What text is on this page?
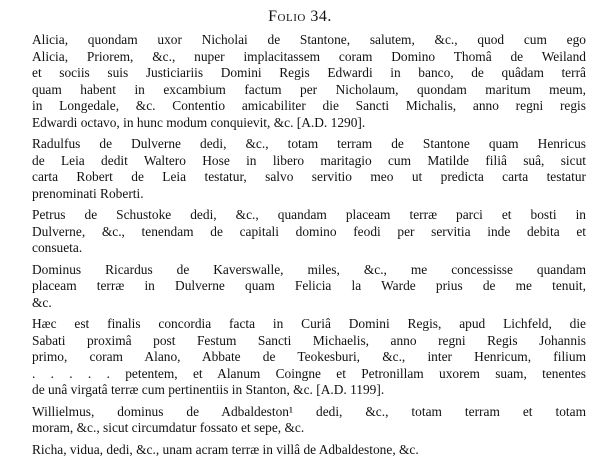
Folio 34.

Alicia, quondam uxor Nicholai de Stantone, salutem, &c., quod cum ego
Alicia, Priorem, &c., nuper implacitassem coram Domino Thomâ de Weiland
et sociis suis Justiciariis Domini Regis Edwardi in banco, de quâdam terrâ
quam habent in excambium factum per Nicholaum, quondam maritum meum,
in Longedale, &c. Contentio amicabiliter die Sancti Michalis, anno regni regis
Edwardi octavo, in hunc modum conquievit, &c. [A.D. 1290].

Radulfus de Dulverne dedi, &c., totam terram de Stantone quam Henricus
de Leia dedit Waltero Hose in libero maritagio cum Matilde filiâ suâ, sicut
carta Robert de Leia testatur, salvo servitio meo ut predicta carta testatur
prenominati Roberti.

Petrus de Schustoke dedi, &c., quandam placeam terræ parci et bosti in
Dulverne, &c., tenendam de capitali domino feodi per servitia inde debita et
consueta.

Dominus Ricardus de Kaverswalle, miles, &c., me concessisse quandam
placeam terræ in Dulverne quam Felicia la Warde prius de me tenuit,
&c.

Hæc est finalis concordia facta in Curiâ Domini Regis, apud Lichfeld, die
Sabati proximâ post Festum Sancti Michaelis, anno regni Regis Johannis
primo, coram Alano, Abbate de Teokesburi, &c., inter Henricum, filium
. . . . . petentem, et Alanum Coingne et Petronillam uxorem suam, tenentes
de unâ virgatâ terræ cum pertinentiis in Stanton, &c. [A.D. 1199].

Willielmus, dominus de Adbaldeston¹ dedi, &c., totam terram et totam
moram, &c., sicut circumdatur fossato et sepe, &c.

Richa, vidua, dedi, &c., unam acram terræ in villâ de Adbaldestone, &c.
